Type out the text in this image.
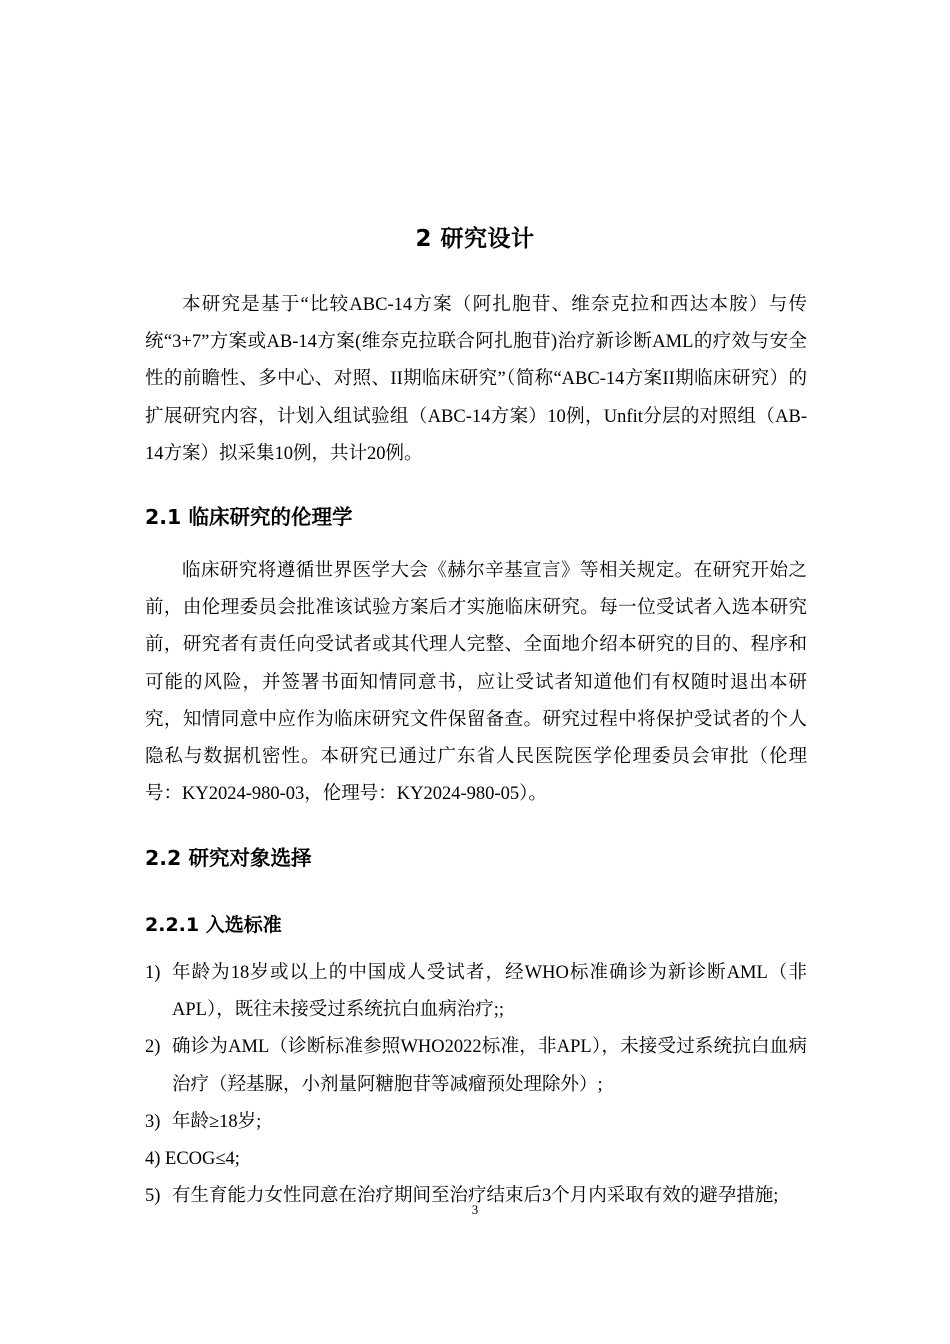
2 研究设计

本研究是基于“比较ABC-14方案（阿扎胞苷、维奈克拉和西达本胺）与传统“3+7”方案或AB-14方案(维奈克拉联合阿扎胞苷)治疗新诊断AML的疗效与安全性的前瞻性、多中心、对照、II期临床研究”（简称“ABC-14方案II期临床研究）的扩展研究内容，计划入组试验组（ABC-14方案）10例，Unfit分层的对照组（AB-14方案）拟采集10例，共计20例。

2.1 临床研究的伦理学

临床研究将遵循世界医学大会《赫尔辛基宣言》等相关规定。在研究开始之前，由伦理委员会批准该试验方案后才实施临床研究。每一位受试者入选本研究前，研究者有责任向受试者或其代理人完整、全面地介绍本研究的目的、程序和可能的风险，并签署书面知情同意书，应让受试者知道他们有权随时退出本研究，知情同意中应作为临床研究文件保留备查。研究过程中将保护受试者的个人隐私与数据机密性。本研究已通过广东省人民医院医学伦理委员会审批（伦理号：KY2024-980-03，伦理号：KY2024-980-05）。

2.2 研究对象选择
2.2.1 入选标准
1) 年龄为18岁或以上的中国成人受试者，经WHO标准确诊为新诊断AML（非APL），既往未接受过系统抗白血病治疗;;
2) 确诊为AML（诊断标准参照WHO2022标准，非APL），未接受过系统抗白血病治疗（羟基脲，小剂量阿糖胞苷等减瘤预处理除外）;
3) 年龄≥18岁;
4) ECOG≤4;
5) 有生育能力女性同意在治疗期间至治疗结束后3个月内采取有效的避孕措施;
3
